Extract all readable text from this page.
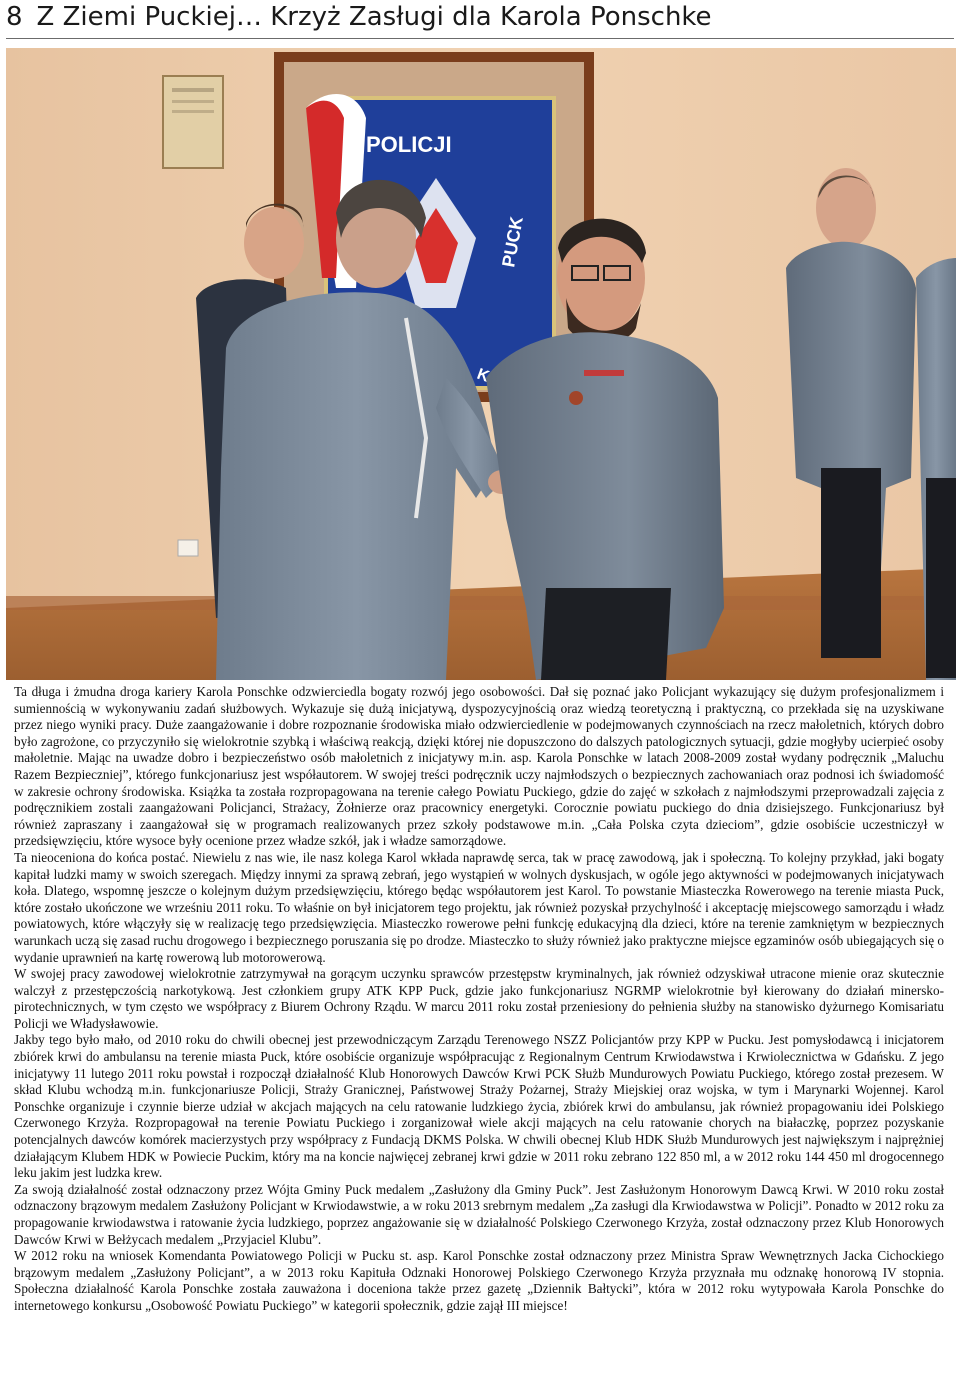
8 Z Ziemi Puckiej… Krzyż Zasługi dla Karola Ponschke
POLICJI
PUCK

Ta długa i żmudna droga kariery Karola Ponschke odzwierciedla bogaty rozwój jego osobowości. Dał się poznać jako Policjant wykazujący się dużym profesjonalizmem i sumiennością w wykonywaniu zadań służbowych. Wykazuje się dużą inicjatywą, dyspozycyjnością oraz wiedzą teoretyczną i praktyczną, co przekłada się na uzyskiwane przez niego wyniki pracy. Duże zaangażowanie i dobre rozpoznanie środowiska miało odzwierciedlenie w podejmowanych czynnościach na rzecz małoletnich, których dobro było zagrożone, co przyczyniło się wielokrotnie szybką i właściwą reakcją, dzięki której nie dopuszczono do dalszych patologicznych sytuacji, gdzie mogłyby ucierpieć osoby małoletnie. Mając na uwadze dobro i bezpieczeństwo osób małoletnich z inicjatywy m.in. asp. Karola Ponschke w latach 2008-2009 został wydany podręcznik „Maluchu Razem Bezpieczniej”, którego funkcjonariusz jest współautorem. W swojej treści podręcznik uczy najmłodszych o bezpiecznych zachowaniach oraz podnosi ich świadomość w zakresie ochrony środowiska. Książka ta została rozpropagowana na terenie całego Powiatu Puckiego, gdzie do zajęć w szkołach z najmłodszymi przeprowadzali zajęcia z podręcznikiem zostali zaangażowani Policjanci, Strażacy, Żołnierze oraz pracownicy energetyki. Corocznie powiatu puckiego do dnia dzisiejszego. Funkcjonariusz był również zapraszany i zaangażował się w programach realizowanych przez szkoły podstawowe m.in. „Cała Polska czyta dzieciom”, gdzie osobiście uczestniczył w przedsięwzięciu, które wysoce były ocenione przez władze szkół, jak i władze samorządowe.

Ta nieoceniona do końca postać. Niewielu z nas wie, ile nasz kolega Karol wkłada naprawdę serca, tak w pracę zawodową, jak i społeczną. To kolejny przykład, jaki bogaty kapitał ludzki mamy w swoich szeregach. Między innymi za sprawą zebrań, jego wystąpień w wolnych dyskusjach, w ogóle jego aktywności w podejmowanych inicjatywach koła. Dlatego, wspomnę jeszcze o kolejnym dużym przedsięwzięciu, którego będąc współautorem jest Karol. To powstanie Miasteczka Rowerowego na terenie miasta Puck, które zostało ukończone we wrześniu 2011 roku. To właśnie on był inicjatorem tego projektu, jak również pozyskał przychylność i akceptację miejscowego samorządu i władz powiatowych, które włączyły się w realizację tego przedsięwzięcia. Miasteczko rowerowe pełni funkcję edukacyjną dla dzieci, które na terenie zamkniętym w bezpiecznych warunkach uczą się zasad ruchu drogowego i bezpiecznego poruszania się po drodze. Miasteczko to służy również jako praktyczne miejsce egzaminów osób ubiegających się o wydanie uprawnień na kartę rowerową lub motorowerową.

W swojej pracy zawodowej wielokrotnie zatrzymywał na gorącym uczynku sprawców przestępstw kryminalnych, jak również odzyskiwał utracone mienie oraz skutecznie walczył z przestępczością narkotykową. Jest członkiem grupy ATK KPP Puck, gdzie jako funkcjonariusz NGRMP wielokrotnie był kierowany do działań minersko-pirotechnicznych, w tym często we współpracy z Biurem Ochrony Rządu. W marcu 2011 roku został przeniesiony do pełnienia służby na stanowisko dyżurnego Komisariatu Policji we Władysławowie.

Jakby tego było mało, od 2010 roku do chwili obecnej jest przewodniczącym Zarządu Terenowego NSZZ Policjantów przy KPP w Pucku. Jest pomysłodawcą i inicjatorem zbiórek krwi do ambulansu na terenie miasta Puck, które osobiście organizuje współpracując z Regionalnym Centrum Krwiodawstwa i Krwiolecznictwa w Gdańsku. Z jego inicjatywy 11 lutego 2011 roku powstał i rozpoczął działalność Klub Honorowych Dawców Krwi PCK Służb Mundurowych Powiatu Puckiego, którego został prezesem. W skład Klubu wchodzą m.in. funkcjonariusze Policji, Straży Granicznej, Państwowej Straży Pożarnej, Straży Miejskiej oraz wojska, w tym i Marynarki Wojennej. Karol Ponschke organizuje i czynnie bierze udział w akcjach mających na celu ratowanie ludzkiego życia, zbiórek krwi do ambulansu, jak również propagowaniu idei Polskiego Czerwonego Krzyża. Rozpropagował na terenie Powiatu Puckiego i zorganizował wiele akcji mających na celu ratowanie chorych na białaczkę, poprzez pozyskanie potencjalnych dawców komórek macierzystych przy współpracy z Fundacją DKMS Polska. W chwili obecnej Klub HDK Służb Mundurowych jest największym i najprężniej działającym Klubem HDK w Powiecie Puckim, który ma na koncie najwięcej zebranej krwi gdzie w 2011 roku zebrano 122 850 ml, a w 2012 roku 144 450 ml drogocennego leku jakim jest ludzka krew.

Za swoją działalność został odznaczony przez Wójta Gminy Puck medalem „Zasłużony dla Gminy Puck”. Jest Zasłużonym Honorowym Dawcą Krwi. W 2010 roku został odznaczony brązowym medalem Zasłużony Policjant w Krwiodawstwie, a w roku 2013 srebrnym medalem „Za zasługi dla Krwiodawstwa w Policji”. Ponadto w 2012 roku za propagowanie krwiodawstwa i ratowanie życia ludzkiego, poprzez angażowanie się w działalność Polskiego Czerwonego Krzyża, został odznaczony przez Klub Honorowych Dawców Krwi w Bełżycach medalem „Przyjaciel Klubu”.

W 2012 roku na wniosek Komendanta Powiatowego Policji w Pucku st. asp. Karol Ponschke został odznaczony przez Ministra Spraw Wewnętrznych Jacka Cichockiego brązowym medalem „Zasłużony Policjant”, a w 2013 roku Kapituła Odznaki Honorowej Polskiego Czerwonego Krzyża przyznała mu odznakę honorową IV stopnia. Społeczna działalność Karola Ponschke została zauważona i doceniona także przez gazetę „Dziennik Bałtycki”, która w 2012 roku wytypowała Karola Ponschke do internetowego konkursu „Osobowość Powiatu Puckiego” w kategorii społecznik, gdzie zajął III miejsce!
